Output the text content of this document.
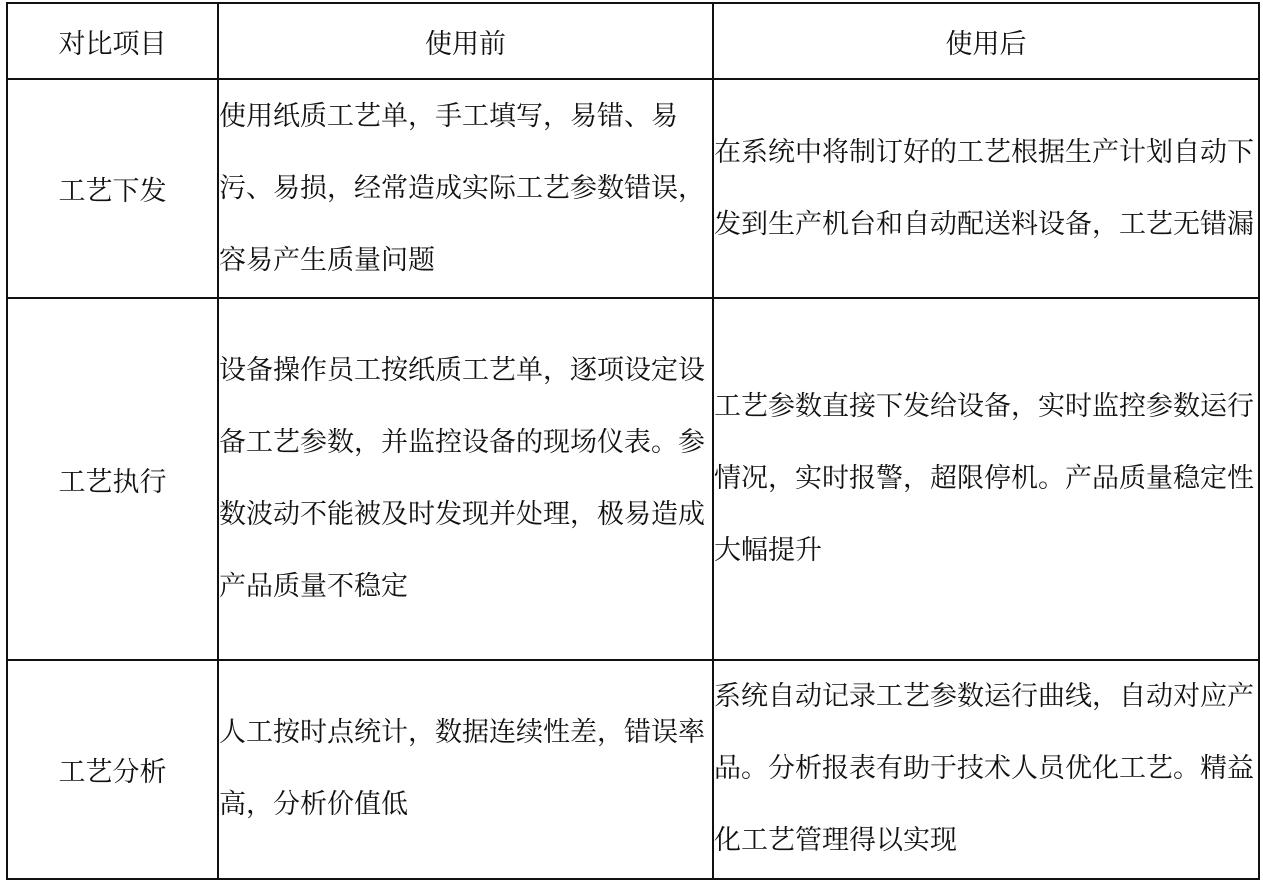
对比项目	使用前	使用后
工艺下发	使用纸质工艺单，手工填写，易错、易污、易损，经常造成实际工艺参数错误，容易产生质量问题	在系统中将制订好的工艺根据生产计划自动下发到生产机台和自动配送料设备，工艺无错漏
工艺执行	设备操作员工按纸质工艺单，逐项设定设备工艺参数，并监控设备的现场仪表。参数波动不能被及时发现并处理，极易造成产品质量不稳定	工艺参数直接下发给设备，实时监控参数运行情况，实时报警，超限停机。产品质量稳定性大幅提升
工艺分析	人工按时点统计，数据连续性差，错误率高，分析价值低	系统自动记录工艺参数运行曲线，自动对应产品。分析报表有助于技术人员优化工艺。精益化工艺管理得以实现
